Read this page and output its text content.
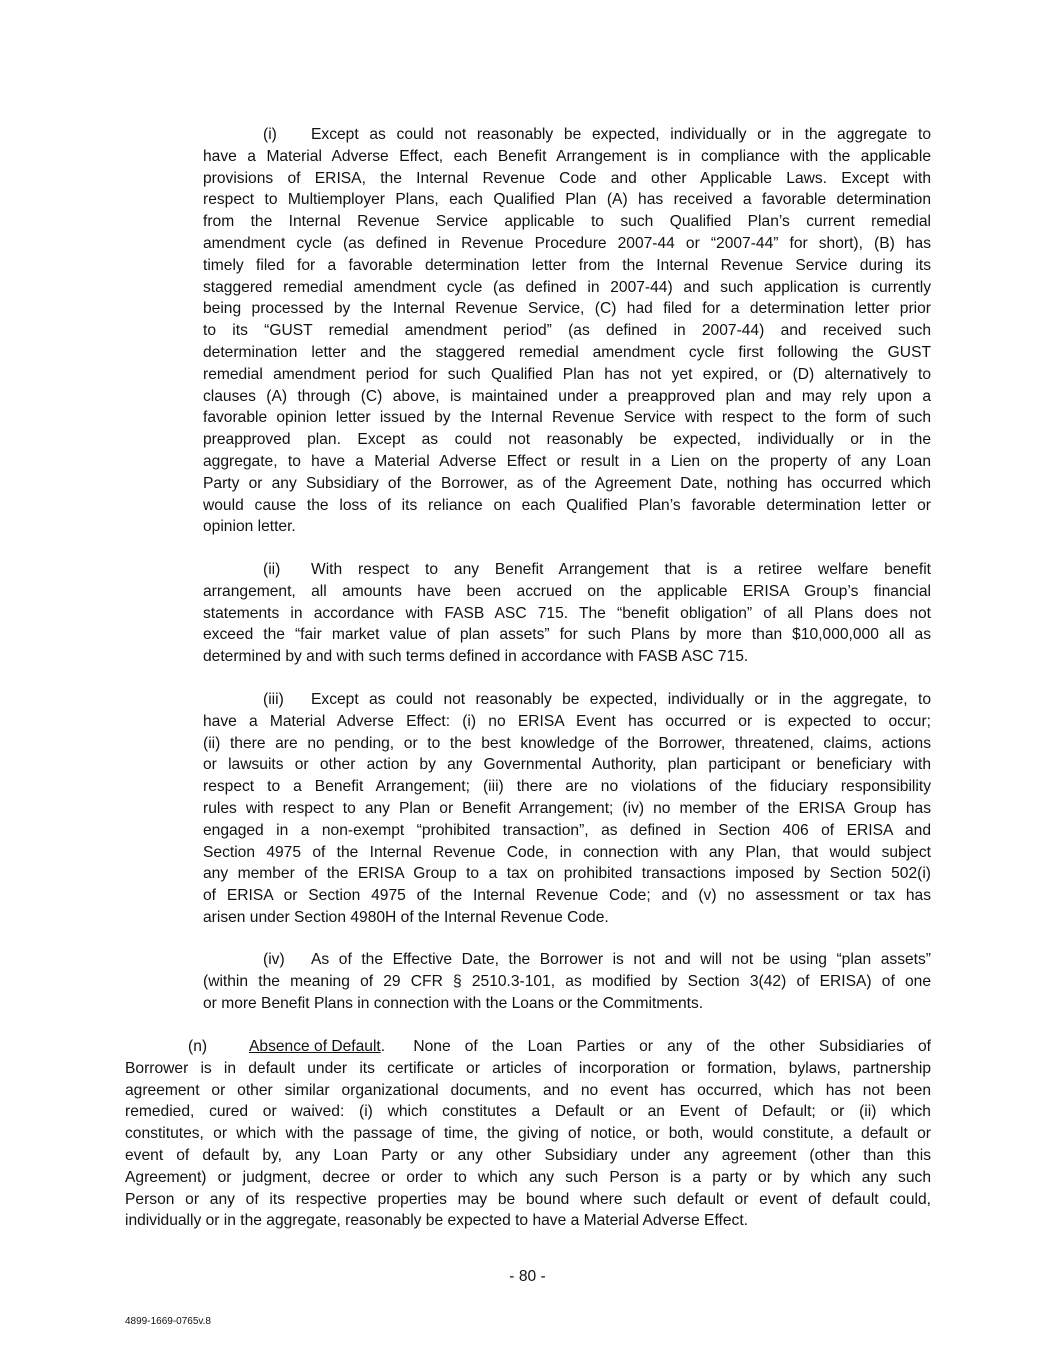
(i)	Except as could not reasonably be expected, individually or in the aggregate to
have a Material Adverse Effect, each Benefit Arrangement is in compliance with the applicable
provisions of ERISA, the Internal Revenue Code and other Applicable Laws. Except with
respect to Multiemployer Plans, each Qualified Plan (A) has received a favorable determination
from the Internal Revenue Service applicable to such Qualified Plan’s current remedial
amendment cycle (as defined in Revenue Procedure 2007-44 or “2007-44” for short), (B) has
timely filed for a favorable determination letter from the Internal Revenue Service during its
staggered remedial amendment cycle (as defined in 2007-44) and such application is currently
being processed by the Internal Revenue Service, (C) had filed for a determination letter prior
to its “GUST remedial amendment period” (as defined in 2007-44) and received such
determination letter and the staggered remedial amendment cycle first following the GUST
remedial amendment period for such Qualified Plan has not yet expired, or (D) alternatively to
clauses (A) through (C) above, is maintained under a preapproved plan and may rely upon a
favorable opinion letter issued by the Internal Revenue Service with respect to the form of such
preapproved plan. Except as could not reasonably be expected, individually or in the
aggregate, to have a Material Adverse Effect or result in a Lien on the property of any Loan
Party or any Subsidiary of the Borrower, as of the Agreement Date, nothing has occurred which
would cause the loss of its reliance on each Qualified Plan’s favorable determination letter or
opinion letter.
(ii)	With respect to any Benefit Arrangement that is a retiree welfare benefit
arrangement, all amounts have been accrued on the applicable ERISA Group’s financial
statements in accordance with FASB ASC 715. The “benefit obligation” of all Plans does not
exceed the “fair market value of plan assets” for such Plans by more than $10,000,000 all as
determined by and with such terms defined in accordance with FASB ASC 715.
(iii)	Except as could not reasonably be expected, individually or in the aggregate, to
have a Material Adverse Effect: (i) no ERISA Event has occurred or is expected to occur;
(ii) there are no pending, or to the best knowledge of the Borrower, threatened, claims, actions
or lawsuits or other action by any Governmental Authority, plan participant or beneficiary with
respect to a Benefit Arrangement; (iii) there are no violations of the fiduciary responsibility
rules with respect to any Plan or Benefit Arrangement; (iv) no member of the ERISA Group has
engaged in a non-exempt “prohibited transaction”, as defined in Section 406 of ERISA and
Section 4975 of the Internal Revenue Code, in connection with any Plan, that would subject
any member of the ERISA Group to a tax on prohibited transactions imposed by Section 502(i)
of ERISA or Section 4975 of the Internal Revenue Code; and (v) no assessment or tax has
arisen under Section 4980H of the Internal Revenue Code.
(iv)	As of the Effective Date, the Borrower is not and will not be using “plan assets”
(within the meaning of 29 CFR § 2510.3-101, as modified by Section 3(42) of ERISA) of one
or more Benefit Plans in connection with the Loans or the Commitments.
(n)	Absence of Default .  None of the Loan Parties or any of the other Subsidiaries of
Borrower is in default under its certificate or articles of incorporation or formation, bylaws, partnership
agreement or other similar organizational documents, and no event has occurred, which has not been
remedied, cured or waived: (i) which constitutes a Default or an Event of Default; or (ii) which
constitutes, or which with the passage of time, the giving of notice, or both, would constitute, a default or
event of default by, any Loan Party or any other Subsidiary under any agreement (other than this
Agreement) or judgment, decree or order to which any such Person is a party or by which any such
Person or any of its respective properties may be bound where such default or event of default could,
individually or in the aggregate, reasonably be expected to have a Material Adverse Effect.
- 80 -
4899-1669-0765v.8
